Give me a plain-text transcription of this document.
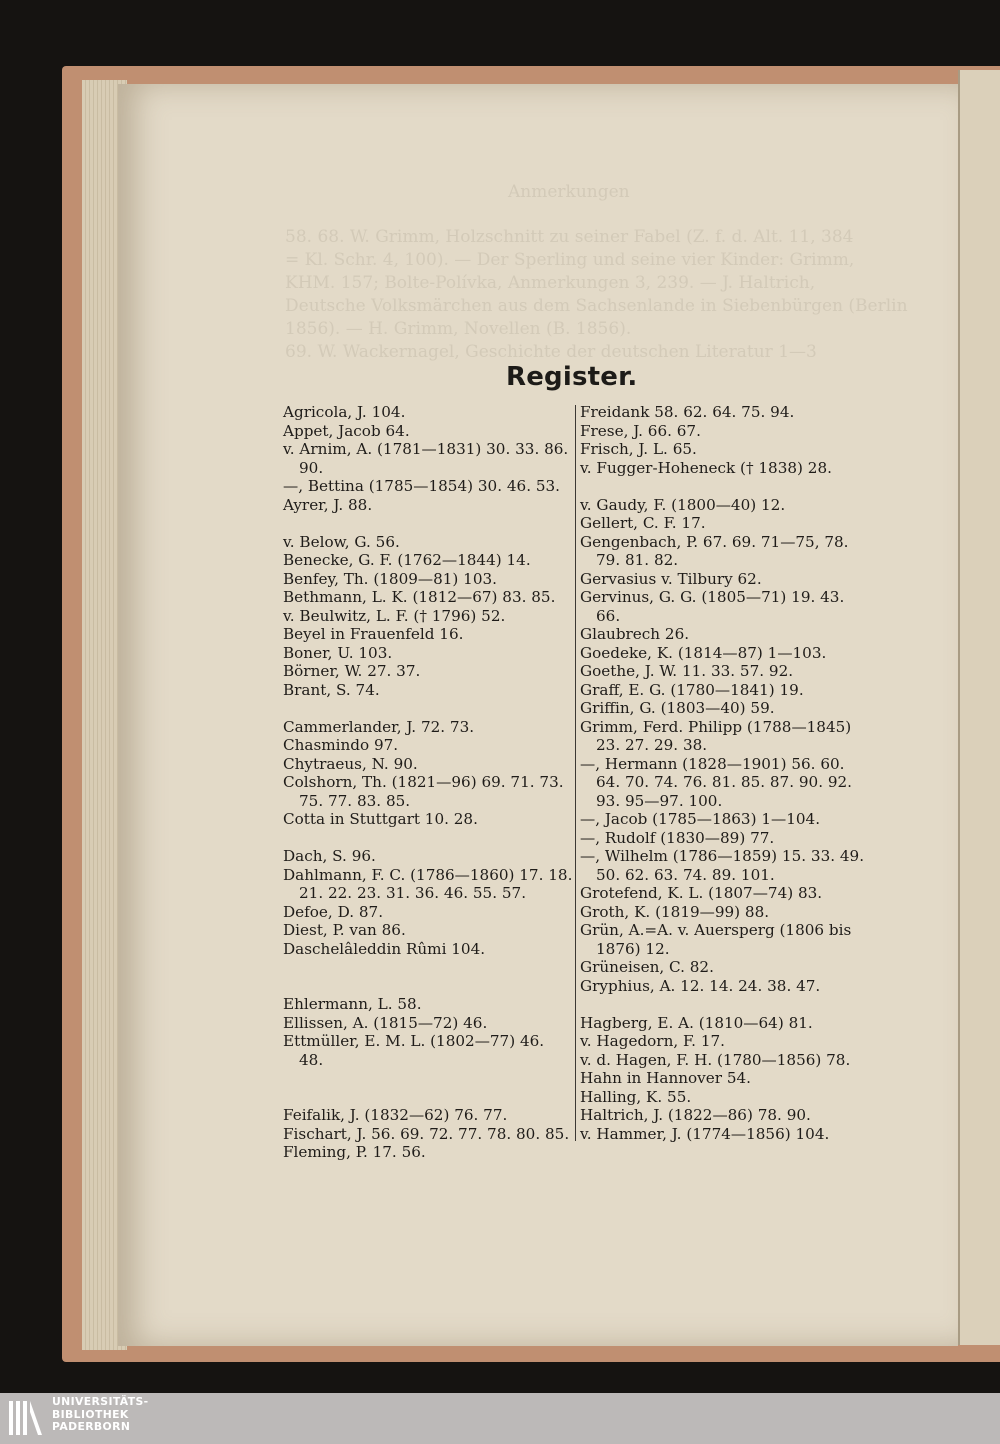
Anmerkungen
58. 68. W. Grimm, Holzschnitt zu seiner Fabel (Z. f. d. Alt. 11, 384
= Kl. Schr. 4, 100). — Der Sperling und seine vier Kinder: Grimm,
KHM. 157; Bolte-Polívka, Anmerkungen 3, 239. — J. Haltrich,
Deutsche Volksmärchen aus dem Sachsenlande in Siebenbürgen (Berlin
1856). — H. Grimm, Novellen (B. 1856).
69. W. Wackernagel, Geschichte der deutschen Literatur 1—3
Register.
Agricola, J. 104.
Appet, Jacob 64.
v. Arnim, A. (1781—1831) 30. 33. 86. 90.
—, Bettina (1785—1854) 30. 46. 53.
Ayrer, J. 88.
v. Below, G. 56.
Benecke, G. F. (1762—1844) 14.
Benfey, Th. (1809—81) 103.
Bethmann, L. K. (1812—67) 83. 85.
v. Beulwitz, L. F. († 1796) 52.
Beyel in Frauenfeld 16.
Boner, U. 103.
Börner, W. 27. 37.
Brant, S. 74.
Cammerlander, J. 72. 73.
Chasmindo 97.
Chytraeus, N. 90.
Colshorn, Th. (1821—96) 69. 71. 73. 75. 77. 83. 85.
Cotta in Stuttgart 10. 28.
Dach, S. 96.
Dahlmann, F. C. (1786—1860) 17. 18. 21. 22. 23. 31. 36. 46. 55. 57.
Defoe, D. 87.
Diest, P. van 86.
Daschelâleddin Rûmi 104.
Ehlermann, L. 58.
Ellissen, A. (1815—72) 46.
Ettmüller, E. M. L. (1802—77) 46. 48.
Feifalik, J. (1832—62) 76. 77.
Fischart, J. 56. 69. 72. 77. 78. 80. 85.
Fleming, P. 17. 56.
Freidank 58. 62. 64. 75. 94.
Frese, J. 66. 67.
Frisch, J. L. 65.
v. Fugger-Hoheneck († 1838) 28.
v. Gaudy, F. (1800—40) 12.
Gellert, C. F. 17.
Gengenbach, P. 67. 69. 71—75, 78. 79. 81. 82.
Gervasius v. Tilbury 62.
Gervinus, G. G. (1805—71) 19. 43. 66.
Glaubrech 26.
Goedeke, K. (1814—87) 1—103.
Goethe, J. W. 11. 33. 57. 92.
Graff, E. G. (1780—1841) 19.
Griffin, G. (1803—40) 59.
Grimm, Ferd. Philipp (1788—1845) 23. 27. 29. 38.
—, Hermann (1828—1901) 56. 60. 64. 70. 74. 76. 81. 85. 87. 90. 92. 93. 95—97. 100.
—, Jacob (1785—1863) 1—104.
—, Rudolf (1830—89) 77.
—, Wilhelm (1786—1859) 15. 33. 49. 50. 62. 63. 74. 89. 101.
Grotefend, K. L. (1807—74) 83.
Groth, K. (1819—99) 88.
Grün, A.=A. v. Auersperg (1806 bis 1876) 12.
Grüneisen, C. 82.
Gryphius, A. 12. 14. 24. 38. 47.
Hagberg, E. A. (1810—64) 81.
v. Hagedorn, F. 17.
v. d. Hagen, F. H. (1780—1856) 78.
Hahn in Hannover 54.
Halling, K. 55.
Haltrich, J. (1822—86) 78. 90.
v. Hammer, J. (1774—1856) 104.
UNIVERSITÄTS-
BIBLIOTHEK
PADERBORN
